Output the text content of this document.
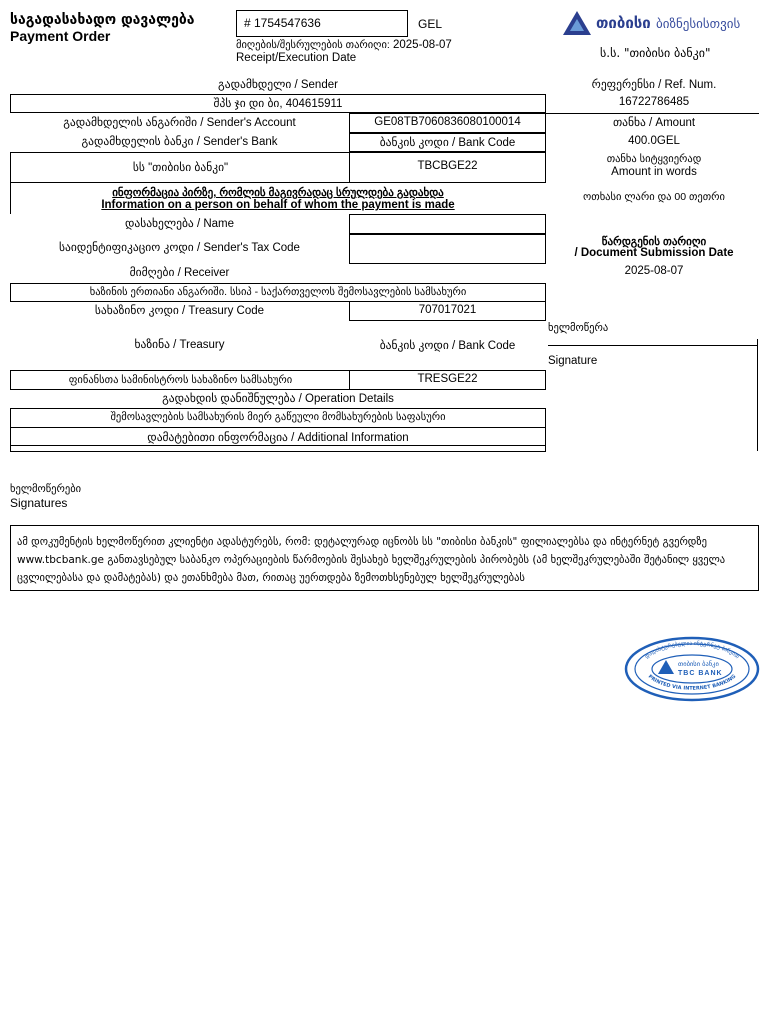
საგადასახადო დავალება
Payment Order
# 1754547636	GEL
მიღების/შესრულების თარიღი: 2025-08-07
Receipt/Execution Date
თიბისი ბიზნესისთვის
ს.ს. "თიბისი ბანკი"
გადამხდელი / Sender
შპს ჯი დი ბი, 404615911
გადამხდელის ანგარიში / Sender's Account	GE08TB7060836080100014
გადამხდელის ბანკი / Sender's Bank	ბანკის კოდი / Bank Code
სს "თიბისი ბანკი"	TBCBGE22
ინფორმაცია პირზე, რომლის მაგივრადაც სრულდება გადახდა
Information on a person on behalf of whom the payment is made
დასახელება / Name
საიდენტიფიკაციო კოდი / Sender's Tax Code
მიმღები / Receiver
ხაზინის ერთიანი ანგარიში. სსიპ - საქართველოს შემოსავლების სამსახური
სახაზინო კოდი / Treasury Code	707017021
ხაზინა / Treasury	ბანკის კოდი / Bank Code
ფინანსთა სამინისტროს სახაზინო სამსახური	TRESGE22
გადახდის დანიშნულება / Operation Details
შემოსავლების სამსახურის მიერ გაწეული მომსახურების საფასური
დამატებითი ინფორმაცია / Additional Information
რეფერენსი / Ref. Num.
16722786485
თანხა / Amount
400.0GEL
თანხა სიტყვიერად
Amount in words
ოთხასი ლარი და 00 თეთრი
წარდგენის თარიღი
/ Document Submission Date
2025-08-07
ხელმოწერა
Signature
ხელმოწერები
Signatures
ამ დოკუმენტის ხელმოწერით კლიენტი ადასტურებს, რომ: დეტალურად იცნობს სს "თიბისი ბანკის" ფილიალებსა და ინტერნეტ გვერდზე www.tbcbank.ge განთავსებულ საბანკო ოპერაციების წარმოების შესახებ ხელშეკრულების პირობებს (ამ ხელშეკრულებაში შეტანილ ყველა ცვლილებასა და დამატებას) და ეთანხმება მათ, რითაც უერთდება ზემოთხსენებულ ხელშეკრულებას
დადასტურებულია ინტერნეტ ბანკით
PRINTED VIA INTERNET BANKING
თიბისი ბანკი
TBC BANK
